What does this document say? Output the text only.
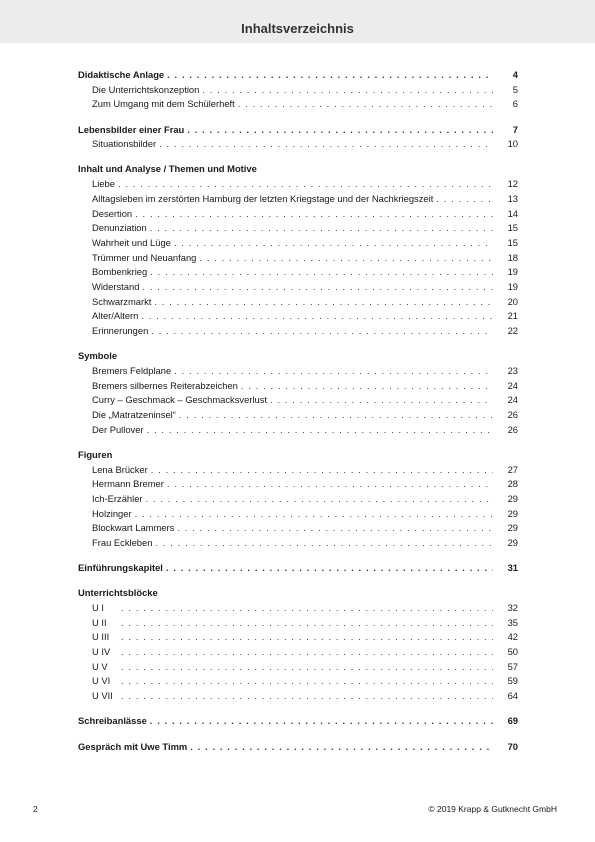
Inhaltsverzeichnis
Didaktische Anlage . . .	4
Die Unterrichtskonzeption . . .	5
Zum Umgang mit dem Schülerheft . . .	6
Lebensbilder einer Frau . . .	7
Situationsbilder . . .	10
Inhalt und Analyse / Themen und Motive
Liebe . . .	12
Alltagsleben im zerstörten Hamburg der letzten Kriegstage und der Nachkriegszeit . . .	13
Desertion . . .	14
Denunziation . . .	15
Wahrheit und Lüge . . .	15
Trümmer und Neuanfang . . .	18
Bombenkrieg . . .	19
Widerstand . . .	19
Schwarzmarkt . . .	20
Alter/Altern . . .	21
Erinnerungen . . .	22
Symbole
Bremers Feldplane . . .	23
Bremers silbernes Reiterabzeichen . . .	24
Curry – Geschmack – Geschmacksverlust . . .	24
Die „Matratzeninsel“ . . .	26
Der Pullover . . .	26
Figuren
Lena Brücker . . .	27
Hermann Bremer . . .	28
Ich-Erzähler . . .	29
Holzinger . . .	29
Blockwart Lammers . . .	29
Frau Eckleben . . .	29
Einführungskapitel . . .	31
Unterrichtsblöcke
U I . . .	32
U II . . .	35
U III . . .	42
U IV . . .	50
U V . . .	57
U VI . . .	59
U VII . . .	64
Schreibanlässe . . .	69
Gespräch mit Uwe Timm . . .	70
2	© 2019 Krapp & Gutknecht GmbH
